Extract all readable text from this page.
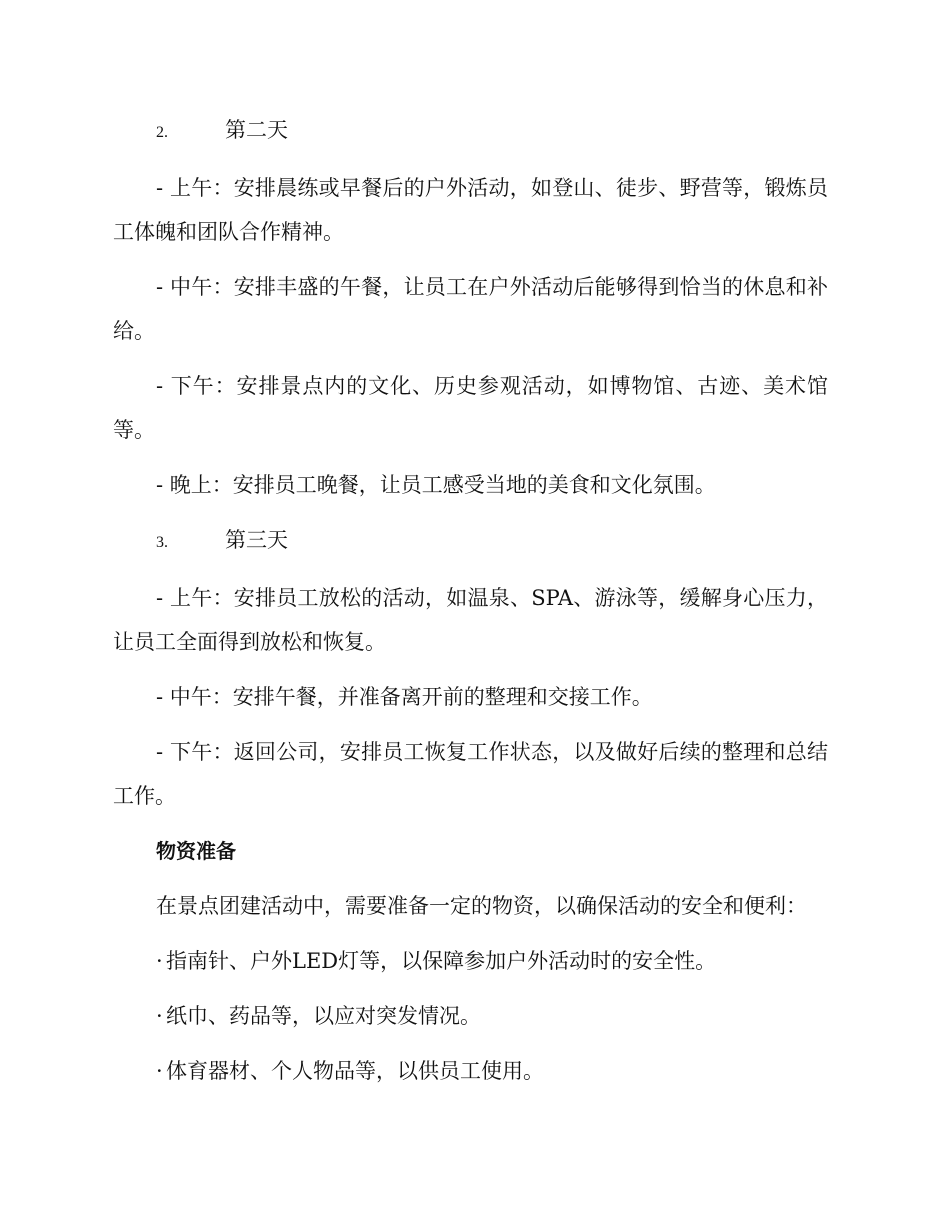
2.	第二天

- 上午：安排晨练或早餐后的户外活动，如登山、徒步、野营等，锻炼员工体魄和团队合作精神。

- 中午：安排丰盛的午餐，让员工在户外活动后能够得到恰当的休息和补给。

- 下午：安排景点内的文化、历史参观活动，如博物馆、古迹、美术馆等。

- 晚上：安排员工晚餐，让员工感受当地的美食和文化氛围。

3.	第三天

- 上午：安排员工放松的活动，如温泉、SPA、游泳等，缓解身心压力，让员工全面得到放松和恢复。

- 中午：安排午餐，并准备离开前的整理和交接工作。

- 下午：返回公司，安排员工恢复工作状态，以及做好后续的整理和总结工作。

物资准备

在景点团建活动中，需要准备一定的物资，以确保活动的安全和便利：

· 指南针、户外LED灯等，以保障参加户外活动时的安全性。
· 纸巾、药品等，以应对突发情况。
· 体育器材、个人物品等，以供员工使用。
